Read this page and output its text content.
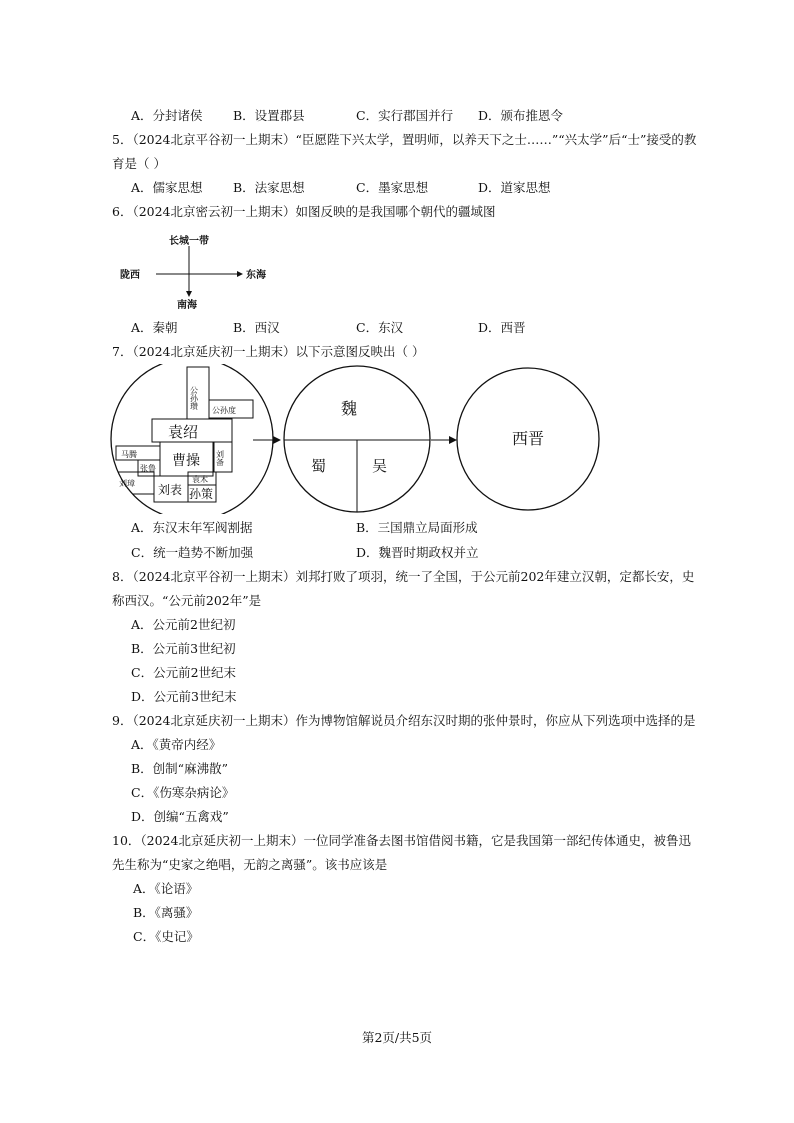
A．分封诸侯 B．设置郡县	C．实行郡国并行 D．颁布推恩令
5．（2024北京平谷初一上期末）“臣愿陛下兴太学，置明师，以养天下之士……”“兴太学”后“士”接受的教
育是（ ）
A．儒家思想 B．法家思想	C．墨家思想	D．道家思想
6．（2024北京密云初一上期末）如图反映的是我国哪个朝代的疆域图
长城一带
陇西	东海
南海
A．秦朝	B．西汉	C．东汉	D．西晋
7．（2024北京延庆初一上期末）以下示意图反映出（ ）
公孙瓒
公孙度
袁绍
曹操
马腾
张鲁
刘璋 刘表
袁术
孙策
刘备
魏
蜀	吴
西晋
A．东汉末年军阀割据	B．三国鼎立局面形成
C．统一趋势不断加强	D．魏晋时期政权并立
8．（2024北京平谷初一上期末）刘邦打败了项羽，统一了全国，于公元前202年建立汉朝，定都长安，史
称西汉。“公元前202年”是
A．公元前2世纪初
B．公元前3世纪初
C．公元前2世纪末
D．公元前3世纪末
9．（2024北京延庆初一上期末）作为博物馆解说员介绍东汉时期的张仲景时，你应从下列选项中选择的是
A．《黄帝内经》
B．创制“麻沸散”
C．《伤寒杂病论》
D．创编“五禽戏”
10．（2024北京延庆初一上期末）一位同学准备去图书馆借阅书籍，它是我国第一部纪传体通史，被鲁迅
先生称为“史家之绝唱，无韵之离骚”。该书应该是
A．《论语》
B．《离骚》
C．《史记》
第2页/共5页
